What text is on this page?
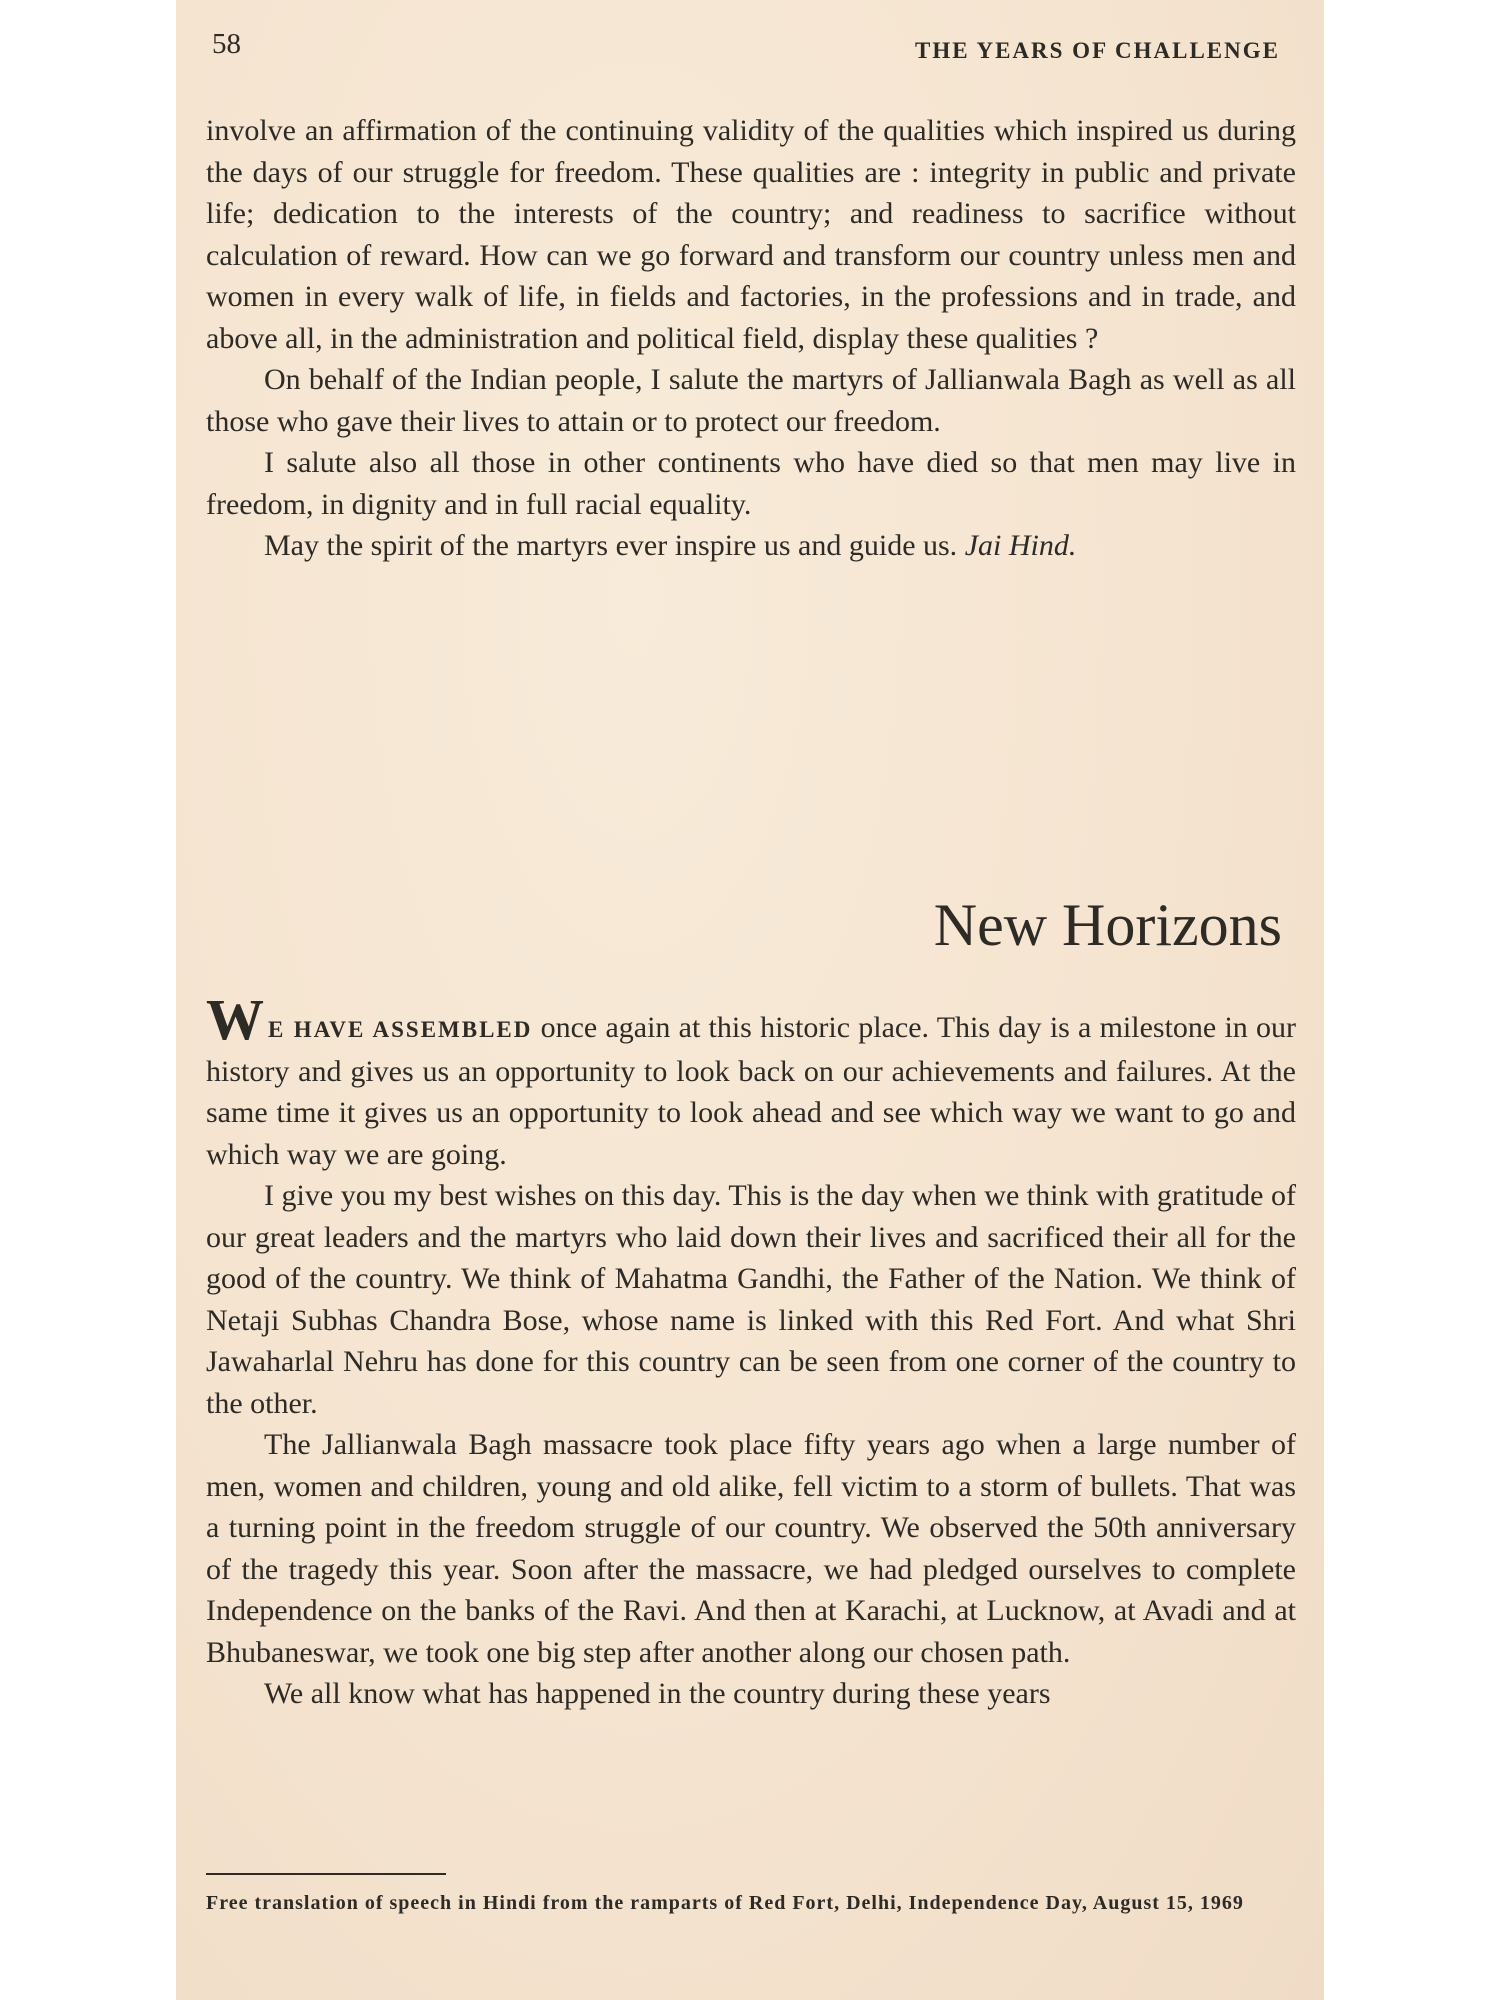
58	THE YEARS OF CHALLENGE

involve an affirmation of the continuing validity of the qualities which inspired us during the days of our struggle for freedom. These qualities are : integrity in public and private life; dedication to the interests of the country; and readiness to sacrifice without calculation of reward. How can we go forward and transform our country unless men and women in every walk of life, in fields and factories, in the professions and in trade, and above all, in the administration and political field, display these qualities ?

On behalf of the Indian people, I salute the martyrs of Jallianwala Bagh as well as all those who gave their lives to attain or to protect our freedom.

I salute also all those in other continents who have died so that men may live in freedom, in dignity and in full racial equality.

May the spirit of the martyrs ever inspire us and guide us. Jai Hind.

New Horizons

W E HAVE ASSEMBLED once again at this historic place. This day is a milestone in our history and gives us an opportunity to look back on our achievements and failures. At the same time it gives us an opportunity to look ahead and see which way we want to go and which way we are going.

I give you my best wishes on this day. This is the day when we think with gratitude of our great leaders and the martyrs who laid down their lives and sacrificed their all for the good of the country. We think of Mahatma Gandhi, the Father of the Nation. We think of Netaji Subhas Chandra Bose, whose name is linked with this Red Fort. And what Shri Jawaharlal Nehru has done for this country can be seen from one corner of the country to the other.

The Jallianwala Bagh massacre took place fifty years ago when a large number of men, women and children, young and old alike, fell victim to a storm of bullets. That was a turning point in the freedom struggle of our country. We observed the 50th anniversary of the tragedy this year. Soon after the massacre, we had pledged ourselves to complete Independence on the banks of the Ravi. And then at Karachi, at Lucknow, at Avadi and at Bhubaneswar, we took one big step after another along our chosen path.

We all know what has happened in the country during these years

Free translation of speech in Hindi from the ramparts of Red Fort, Delhi, Independence Day, August 15, 1969
